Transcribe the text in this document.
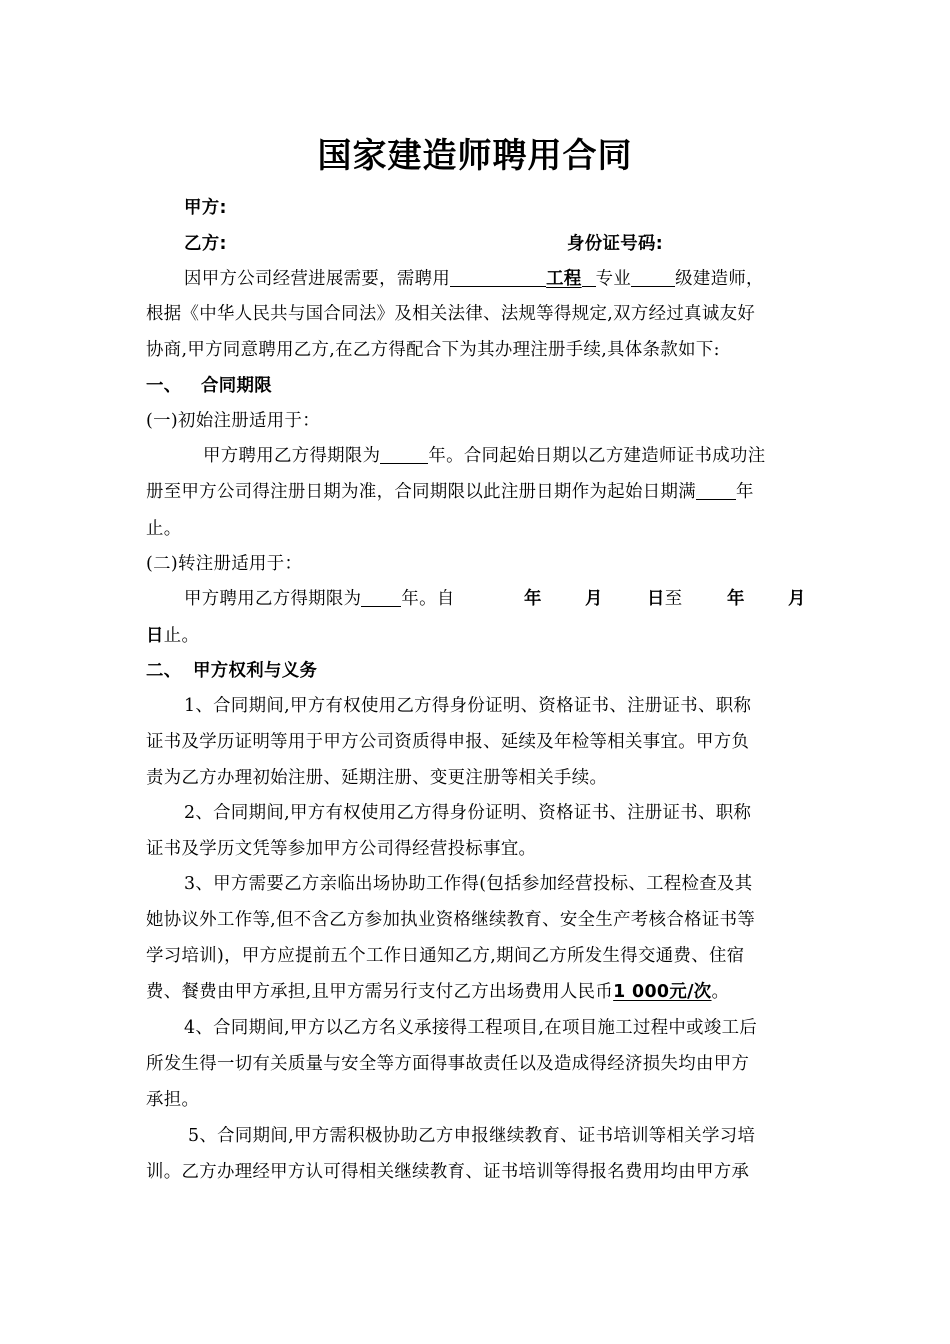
国家建造师聘用合同
甲方:
乙方:	身份证号码:
因甲方公司经营进展需要，需聘用	工程 专业	级建造师，
根据《中华人民共与国合同法》及相关法律、法规等得规定,双方经过真诚友好
协商,甲方同意聘用乙方,在乙方得配合下为其办理注册手续,具体条款如下:
一、 合同期限
(一)初始注册适用于：
甲方聘用乙方得期限为	年。合同起始日期以乙方建造师证书成功注
册至甲方公司得注册日期为准，合同期限以此注册日期作为起始日期满 年
止。
(二)转注册适用于：
甲方聘用乙方得期限为 年。自	年 月	日至	年 月
日止。
二、 甲方权利与义务
1、合同期间,甲方有权使用乙方得身份证明、资格证书、注册证书、职称
证书及学历证明等用于甲方公司资质得申报、延续及年检等相关事宜。甲方负
责为乙方办理初始注册、延期注册、变更注册等相关手续。
2、合同期间,甲方有权使用乙方得身份证明、资格证书、注册证书、职称
证书及学历文凭等参加甲方公司得经营投标事宜。
3、甲方需要乙方亲临出场协助工作得(包括参加经营投标、工程检查及其
她协议外工作等,但不含乙方参加执业资格继续教育、安全生产考核合格证书等
学习培训)，甲方应提前五个工作日通知乙方,期间乙方所发生得交通费、住宿
费、餐费由甲方承担,且甲方需另行支付乙方出场费用人民币1 000元/次。
4、合同期间,甲方以乙方名义承接得工程项目,在项目施工过程中或竣工后
所发生得一切有关质量与安全等方面得事故责任以及造成得经济损失均由甲方
承担。
5、合同期间,甲方需积极协助乙方申报继续教育、证书培训等相关学习培
训。乙方办理经甲方认可得相关继续教育、证书培训等得报名费用均由甲方承
